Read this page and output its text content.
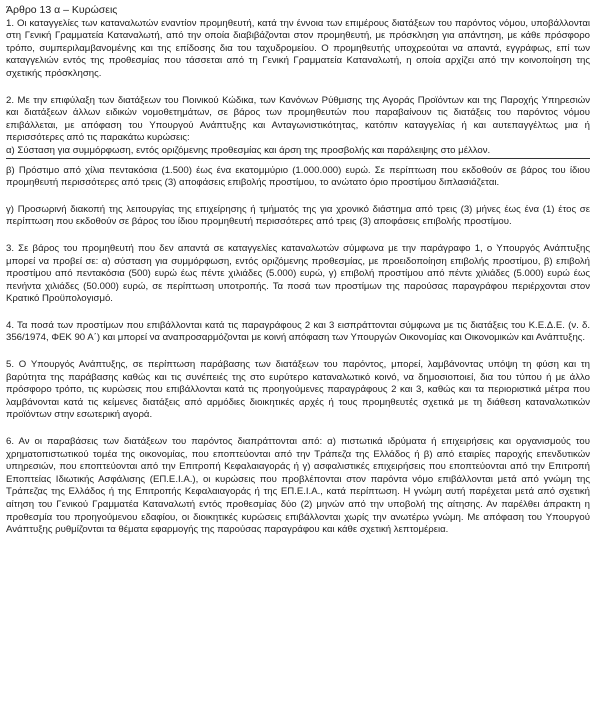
Άρθρο 13 α – Κυρώσεις

1. Οι καταγγελίες των καταναλωτών εναντίον προμηθευτή, κατά την έννοια των επιμέρους διατάξεων του παρόντος νόμου, υποβάλλονται στη Γενική Γραμματεία Καταναλωτή, από την οποία διαβιβάζονται στον προμηθευτή, με πρόσκληση για απάντηση, με κάθε πρόσφορο τρόπο, συμπεριλαμβανομένης και της επίδοσης δια του ταχυδρομείου. Ο προμηθευτής υποχρεούται να απαντά, εγγράφως, επί των καταγγελιών εντός της προθεσμίας που τάσσεται από τη Γενική Γραμματεία Καταναλωτή, η οποία αρχίζει από την κοινοποίηση της σχετικής πρόσκλησης.

2. Με την επιφύλαξη των διατάξεων του Ποινικού Κώδικα, των Κανόνων Ρύθμισης της Αγοράς Προϊόντων και της Παροχής Υπηρεσιών και διατάξεων άλλων ειδικών νομοθετημάτων, σε βάρος των προμηθευτών που παραβαίνουν τις διατάξεις του παρόντος νόμου επιβάλλεται, με απόφαση του Υπουργού Ανάπτυξης και Ανταγωνιστικότητας, κατόπιν καταγγελίας ή και αυτεπαγγέλτως μια ή περισσότερες από τις παρακάτω κυρώσεις:

α) Σύσταση για συμμόρφωση, εντός οριζόμενης προθεσμίας και άρση της προσβολής και παράλειψης στο μέλλον.

β) Πρόστιμο από χίλια πεντακόσια (1.500) έως ένα εκατομμύριο (1.000.000) ευρώ. Σε περίπτωση που εκδοθούν σε βάρος του ίδιου προμηθευτή περισσότερες από τρεις (3) αποφάσεις επιβολής προστίμου, το ανώτατο όριο προστίμου διπλασιάζεται.

γ) Προσωρινή διακοπή της λειτουργίας της επιχείρησης ή τμήματός της για χρονικό διάστημα από τρεις (3) μήνες έως ένα (1) έτος σε περίπτωση που εκδοθούν σε βάρος του ίδιου προμηθευτή περισσότερες από τρεις (3) αποφάσεις επιβολής προστίμου.

3. Σε βάρος του προμηθευτή που δεν απαντά σε καταγγελίες καταναλωτών σύμφωνα με την παράγραφο 1, ο Υπουργός Ανάπτυξης μπορεί να προβεί σε: α) σύσταση για συμμόρφωση, εντός οριζόμενης προθεσμίας, με προειδοποίηση επιβολής προστίμου, β) επιβολή προστίμου από πεντακόσια (500) ευρώ έως πέντε χιλιάδες (5.000) ευρώ, γ) επιβολή προστίμου από πέντε χιλιάδες (5.000) ευρώ έως πενήντα χιλιάδες (50.000) ευρώ, σε περίπτωση υποτροπής. Τα ποσά των προστίμων της παρούσας παραγράφου περιέρχονται στον Κρατικό Προϋπολογισμό.

4. Τα ποσά των προστίμων που επιβάλλονται κατά τις παραγράφους 2 και 3 εισπράττονται σύμφωνα με τις διατάξεις του Κ.Ε.Δ.Ε. (ν. δ. 356/1974, ΦΕΚ 90 Α΄) και μπορεί να αναπροσαρμόζονται με κοινή απόφαση των Υπουργών Οικονομίας και Οικονομικών και Ανάπτυξης.

5. Ο Υπουργός Ανάπτυξης, σε περίπτωση παράβασης των διατάξεων του παρόντος, μπορεί, λαμβάνοντας υπόψη τη φύση και τη βαρύτητα της παράβασης καθώς και τις συνέπειές της στο ευρύτερο καταναλωτικό κοινό, να δημοσιοποιεί, δια του τύπου ή με άλλο πρόσφορο τρόπο, τις κυρώσεις που επιβάλλονται κατά τις προηγούμενες παραγράφους 2 και 3, καθώς και τα περιοριστικά μέτρα που λαμβάνονται κατά τις κείμενες διατάξεις από αρμόδιες διοικητικές αρχές ή τους προμηθευτές σχετικά με τη διάθεση καταναλωτικών προϊόντων στην εσωτερική αγορά.

6. Αν οι παραβάσεις των διατάξεων του παρόντος διαπράττονται από: α) πιστωτικά ιδρύματα ή επιχειρήσεις και οργανισμούς του χρηματοπιστωτικού τομέα της οικονομίας, που εποπτεύονται από την Τράπεζα της Ελλάδος ή β) από εταιρίες παροχής επενδυτικών υπηρεσιών, που εποπτεύονται από την Επιτροπή Κεφαλαιαγοράς ή γ) ασφαλιστικές επιχειρήσεις που εποπτεύονται από την Επιτροπή Εποπτείας Ιδιωτικής Ασφάλισης (ΕΠ.Ε.Ι.Α.), οι κυρώσεις που προβλέπονται στον παρόντα νόμο επιβάλλονται μετά από γνώμη της Τράπεζας της Ελλάδος ή της Επιτροπής Κεφαλαιαγοράς ή της ΕΠ.Ε.Ι.Α., κατά περίπτωση. Η γνώμη αυτή παρέχεται μετά από σχετική αίτηση του Γενικού Γραμματέα Καταναλωτή εντός προθεσμίας δύο (2) μηνών από την υποβολή της αίτησης. Αν παρέλθει άπρακτη η προθεσμία του προηγούμενου εδαφίου, οι διοικητικές κυρώσεις επιβάλλονται χωρίς την ανωτέρω γνώμη. Με απόφαση του Υπουργού Ανάπτυξης ρυθμίζονται τα θέματα εφαρμογής της παρούσας παραγράφου και κάθε σχετική λεπτομέρεια.
